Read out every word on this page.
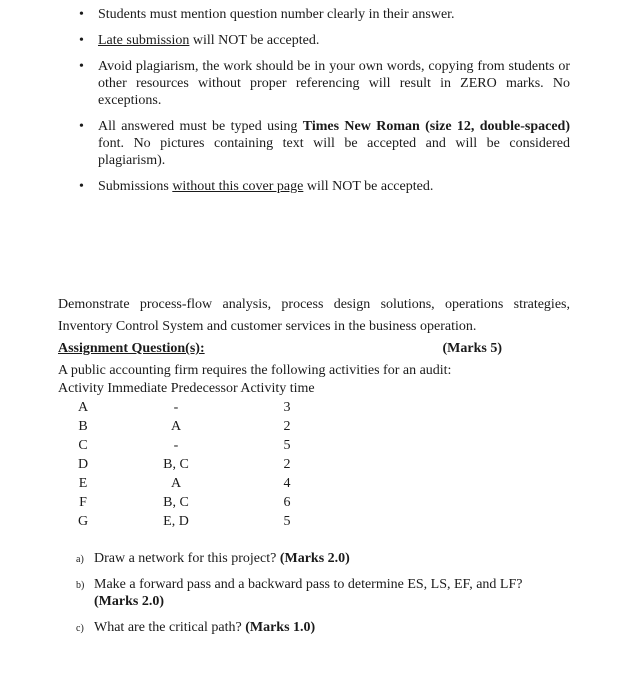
• Students must mention question number clearly in their answer.
• Late submission will NOT be accepted.
• Avoid plagiarism, the work should be in your own words, copying from students or other resources without proper referencing will result in ZERO marks. No exceptions.
• All answered must be typed using Times New Roman (size 12, double-spaced) font. No pictures containing text will be accepted and will be considered plagiarism).
• Submissions without this cover page will NOT be accepted.
Demonstrate process-flow analysis, process design solutions, operations strategies, Inventory Control System and customer services in the business operation.
Assignment Question(s):	(Marks 5)
A public accounting firm requires the following activities for an audit:
Activity Immediate Predecessor Activity time
A	-	3
B	A	2
C	-	5
D	B, C	2
E	A	4
F	B, C	6
G	E, D	5
a) Draw a network for this project? (Marks 2.0)
b) Make a forward pass and a backward pass to determine ES, LS, EF, and LF?
(Marks 2.0)
c) What are the critical path? (Marks 1.0)
